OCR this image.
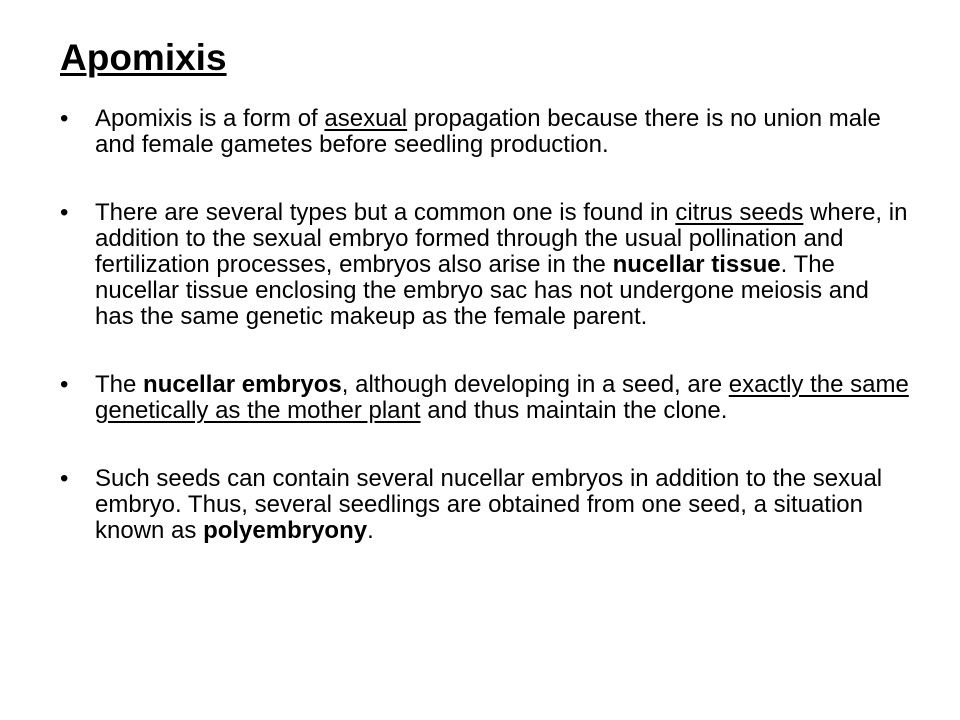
Apomixis
• Apomixis is a form of asexual propagation because there is no union male and female gametes before seedling production.
• There are several types but a common one is found in citrus seeds where, in addition to the sexual embryo formed through the usual pollination and fertilization processes, embryos also arise in the nucellar tissue. The nucellar tissue enclosing the embryo sac has not undergone meiosis and has the same genetic makeup as the female parent.
• The nucellar embryos, although developing in a seed, are exactly the same genetically as the mother plant and thus maintain the clone.
• Such seeds can contain several nucellar embryos in addition to the sexual embryo. Thus, several seedlings are obtained from one seed, a situation known as polyembryony.
